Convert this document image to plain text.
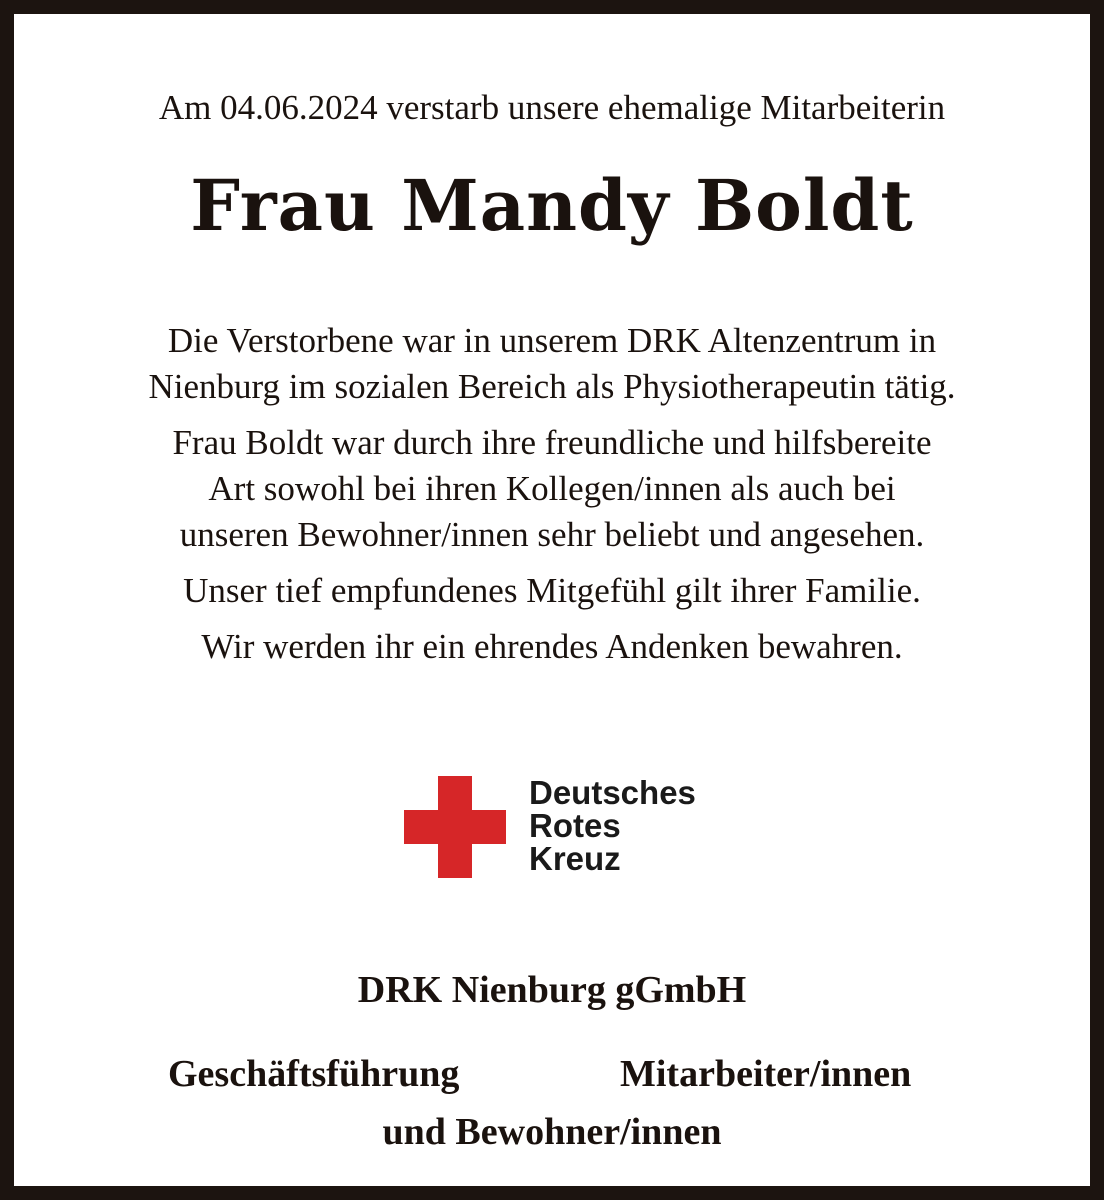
Am 04.06.2024 verstarb unsere ehemalige Mitarbeiterin
Frau Mandy Boldt

Die Verstorbene war in unserem DRK Altenzentrum in
Nienburg im sozialen Bereich als Physiotherapeutin tätig.

Frau Boldt war durch ihre freundliche und hilfsbereite
Art sowohl bei ihren Kollegen/innen als auch bei
unseren Bewohner/innen sehr beliebt und angesehen.

Unser tief empfundenes Mitgefühl gilt ihrer Familie.

Wir werden ihr ein ehrendes Andenken bewahren.

Deutsches
Rotes
Kreuz
DRK Nienburg gGmbH
Geschäftsführung	Mitarbeiter/innen
und Bewohner/innen
